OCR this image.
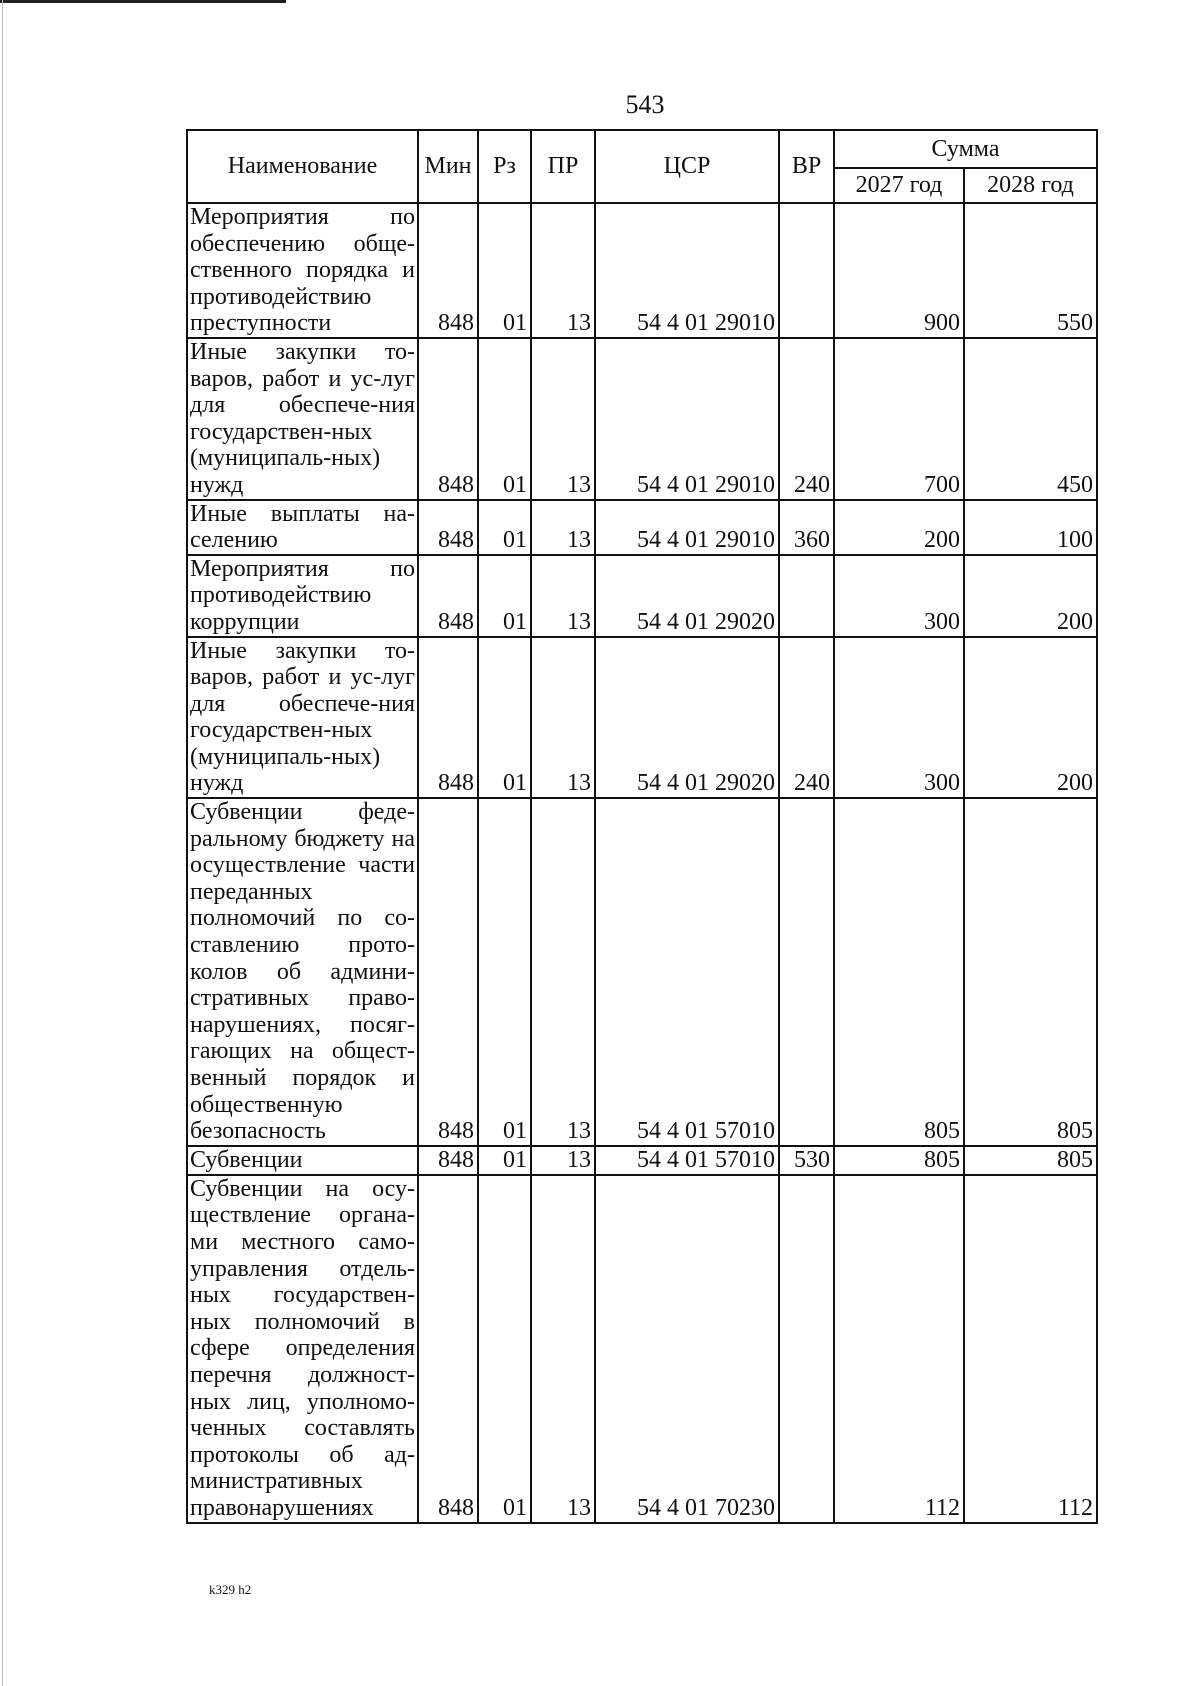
543
Наименование	Мин	Рз	ПР	ЦСР	ВР	Сумма	
						2027 год	2028 год
Мероприятия по обеспечению обще-ственного порядка и противодействию преступности	848	01	13	54 4 01 29010		900	550
Иные закупки то-варов, работ и ус-луг для обеспече-ния государствен-ных (муниципаль-ных) нужд	848	01	13	54 4 01 29010	240	700	450
Иные выплаты на-селению	848	01	13	54 4 01 29010	360	200	100
Мероприятия по противодействию коррупции	848	01	13	54 4 01 29020		300	200
Иные закупки то-варов, работ и ус-луг для обеспече-ния государствен-ных (муниципаль-ных) нужд	848	01	13	54 4 01 29020	240	300	200
Субвенции феде-ральному бюджету на осуществление части переданных полномочий по со-ставлению прото-колов об админи-стративных право-нарушениях, посяг-гающих на общест-венный порядок и общественную безопасность	848	01	13	54 4 01 57010		805	805
Субвенции	848	01	13	54 4 01 57010	530	805	805
Субвенции на осу-ществление органа-ми местного само-управления отдель-ных государствен-ных полномочий в сфере определения перечня должност-ных лиц, уполномо-ченных составлять протоколы об ад-министративных правонарушениях	848	01	13	54 4 01 70230		112	112
k329 h2
